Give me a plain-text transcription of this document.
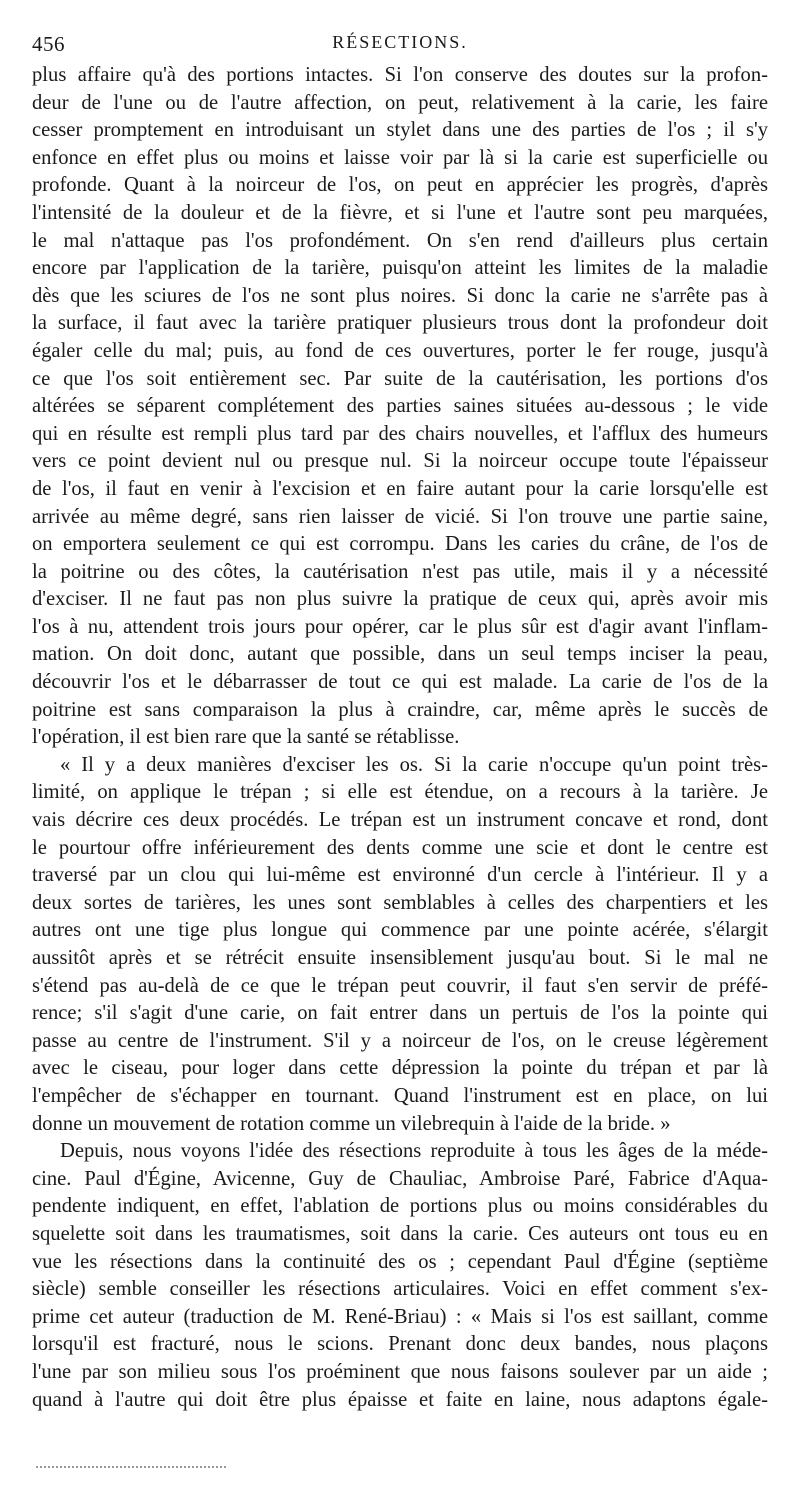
456	RÉSECTIONS.
plus affaire qu'à des portions intactes. Si l'on conserve des doutes sur la profon-
deur de l'une ou de l'autre affection, on peut, relativement à la carie, les faire
cesser promptement en introduisant un stylet dans une des parties de l'os ; il s'y
enfonce en effet plus ou moins et laisse voir par là si la carie est superficielle ou
profonde. Quant à la noirceur de l'os, on peut en apprécier les progrès, d'après
l'intensité de la douleur et de la fièvre, et si l'une et l'autre sont peu marquées,
le mal n'attaque pas l'os profondément. On s'en rend d'ailleurs plus certain
encore par l'application de la tarière, puisqu'on atteint les limites de la maladie
dès que les sciures de l'os ne sont plus noires. Si donc la carie ne s'arrête pas à
la surface, il faut avec la tarière pratiquer plusieurs trous dont la profondeur doit
égaler celle du mal; puis, au fond de ces ouvertures, porter le fer rouge, jusqu'à
ce que l'os soit entièrement sec. Par suite de la cautérisation, les portions d'os
altérées se séparent complétement des parties saines situées au-dessous ; le vide
qui en résulte est rempli plus tard par des chairs nouvelles, et l'afflux des humeurs
vers ce point devient nul ou presque nul. Si la noirceur occupe toute l'épaisseur
de l'os, il faut en venir à l'excision et en faire autant pour la carie lorsqu'elle est
arrivée au même degré, sans rien laisser de vicié. Si l'on trouve une partie saine,
on emportera seulement ce qui est corrompu. Dans les caries du crâne, de l'os de
la poitrine ou des côtes, la cautérisation n'est pas utile, mais il y a nécessité
d'exciser. Il ne faut pas non plus suivre la pratique de ceux qui, après avoir mis
l'os à nu, attendent trois jours pour opérer, car le plus sûr est d'agir avant l'inflam-
mation. On doit donc, autant que possible, dans un seul temps inciser la peau,
découvrir l'os et le débarrasser de tout ce qui est malade. La carie de l'os de la
poitrine est sans comparaison la plus à craindre, car, même après le succès de
l'opération, il est bien rare que la santé se rétablisse.
« Il y a deux manières d'exciser les os. Si la carie n'occupe qu'un point très-
limité, on applique le trépan ; si elle est étendue, on a recours à la tarière. Je
vais décrire ces deux procédés. Le trépan est un instrument concave et rond, dont
le pourtour offre inférieurement des dents comme une scie et dont le centre est
traversé par un clou qui lui-même est environné d'un cercle à l'intérieur. Il y a
deux sortes de tarières, les unes sont semblables à celles des charpentiers et les
autres ont une tige plus longue qui commence par une pointe acérée, s'élargit
aussitôt après et se rétrécit ensuite insensiblement jusqu'au bout. Si le mal ne
s'étend pas au-delà de ce que le trépan peut couvrir, il faut s'en servir de préfé-
rence; s'il s'agit d'une carie, on fait entrer dans un pertuis de l'os la pointe qui
passe au centre de l'instrument. S'il y a noirceur de l'os, on le creuse légèrement
avec le ciseau, pour loger dans cette dépression la pointe du trépan et par là
l'empêcher de s'échapper en tournant. Quand l'instrument est en place, on lui
donne un mouvement de rotation comme un vilebrequin à l'aide de la bride. »
Depuis, nous voyons l'idée des résections reproduite à tous les âges de la méde-
cine. Paul d'Égine, Avicenne, Guy de Chauliac, Ambroise Paré, Fabrice d'Aqua-
pendente indiquent, en effet, l'ablation de portions plus ou moins considérables du
squelette soit dans les traumatismes, soit dans la carie. Ces auteurs ont tous eu en
vue les résections dans la continuité des os ; cependant Paul d'Égine (septième
siècle) semble conseiller les résections articulaires. Voici en effet comment s'ex-
prime cet auteur (traduction de M. René-Briau) : « Mais si l'os est saillant, comme
lorsqu'il est fracturé, nous le scions. Prenant donc deux bandes, nous plaçons
l'une par son milieu sous l'os proéminent que nous faisons soulever par un aide ;
quand à l'autre qui doit être plus épaisse et faite en laine, nous adaptons égale-
